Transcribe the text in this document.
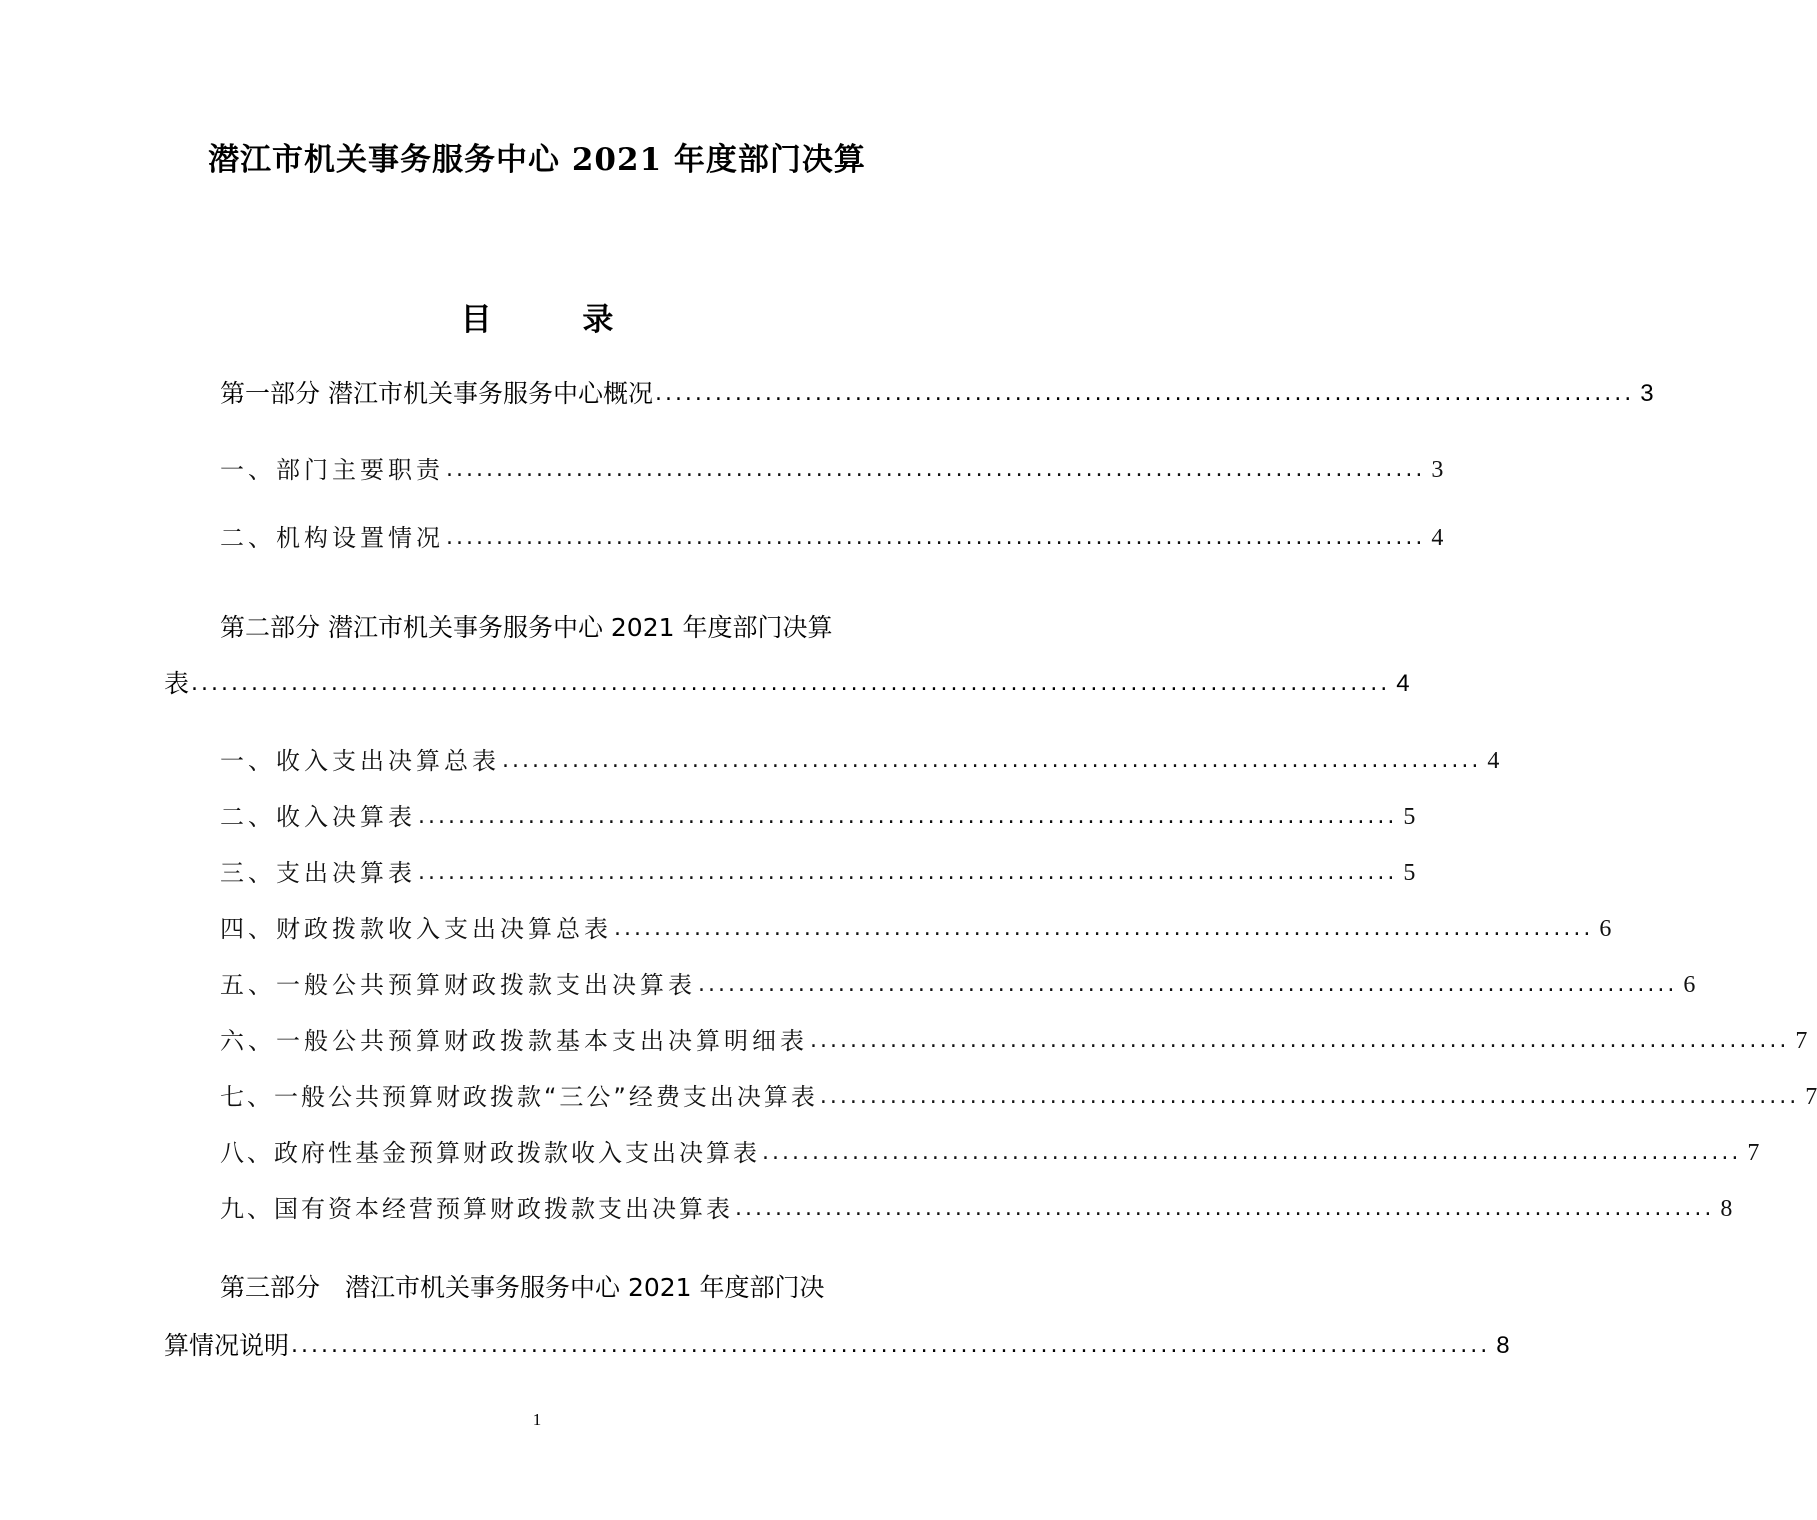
潜江市机关事务服务中心 2021 年度部门决算
目	录
第一部分 潜江市机关事务服务中心概况 .................................................................................................. 3
一、部门主要职责 .................................................................................................. 3
二、机构设置情况 .................................................................................................. 4
第二部分 潜江市机关事务服务中心 2021 年度部门决算
表 ........................................................................................................................ 4
一、收入支出决算总表 .................................................................................................. 4
二、收入决算表 .................................................................................................. 5
三、支出决算表 .................................................................................................. 5
四、财政拨款收入支出决算总表 .................................................................................................. 6
五、一般公共预算财政拨款支出决算表 .................................................................................................. 6
六、一般公共预算财政拨款基本支出决算明细表 .................................................................................................. 7
七、一般公共预算财政拨款“三公”经费支出决算表 .................................................................................................. 7
八、政府性基金预算财政拨款收入支出决算表 .................................................................................................. 7
九、国有资本经营预算财政拨款支出决算表 .................................................................................................. 8
第三部分　潜江市机关事务服务中心 2021 年度部门决
算情况说明 ........................................................................................................................ 8
1
